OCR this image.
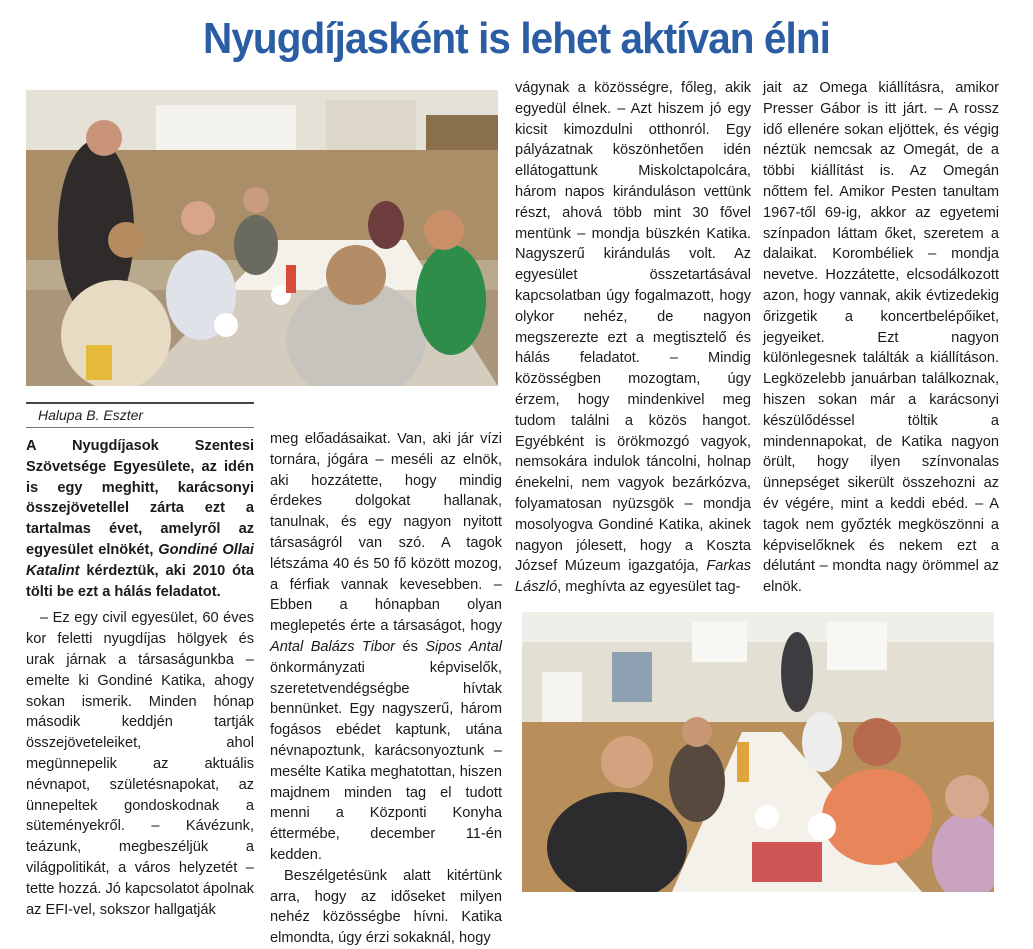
Nyugdíjasként is lehet aktívan élni
Halupa B. Eszter

A Nyugdíjasok Szentesi Szövetsége Egyesülete, az idén is egy meghitt, karácsonyi összejövetellel zárta ezt a tartalmas évet, amelyről az egyesület elnökét, Gondiné Ollai Katalint kérdeztük, aki 2010 óta tölti be ezt a hálás feladatot.

– Ez egy civil egyesület, 60 éves kor feletti nyugdíjas hölgyek és urak járnak a társaságunkba – emelte ki Gondiné Katika, ahogy sokan ismerik. Minden hónap második keddjén tartják összejöveteleiket, ahol megünnepelik az aktuális névnapot, születésnapokat, az ünnepeltek gondoskodnak a süteményekről. – Kávézunk, teázunk, megbeszéljük a világpolitikát, a város helyzetét – tette hozzá. Jó kapcsolatot ápolnak az EFI-vel, sokszor hallgatják

meg előadásaikat. Van, aki jár vízi tornára, jógára – meséli az elnök, aki hozzátette, hogy mindig érdekes dolgokat hallanak, tanulnak, és egy nagyon nyitott társaságról van szó. A tagok létszáma 40 és 50 fő között mozog, a férfiak vannak kevesebben. – Ebben a hónapban olyan meglepetés érte a társaságot, hogy Antal Balázs Tibor és Sipos Antal önkormányzati képviselők, szeretetvendégségbe hívtak bennünket. Egy nagyszerű, három fogásos ebédet kaptunk, utána névnapoztunk, karácsonyoztunk – mesélte Katika meghatottan, hiszen majdnem minden tag el tudott menni a Központi Konyha éttermébe, december 11-én kedden.

Beszélgetésünk alatt kitértünk arra, hogy az időseket milyen nehéz közösségbe hívni. Katika elmondta, úgy érzi sokaknál, hogy

vágynak a közösségre, főleg, akik egyedül élnek. – Azt hiszem jó egy kicsit kimozdulni otthonról. Egy pályázatnak köszönhetően idén ellátogattunk Miskolctapolcára, három napos kiránduláson vettünk részt, ahová több mint 30 fővel mentünk – mondja büszkén Katika. Nagyszerű kirándulás volt. Az egyesület összetartásával kapcsolatban úgy fogalmazott, hogy olykor nehéz, de nagyon megszerezte ezt a megtisztelő és hálás feladatot. – Mindig közösségben mozogtam, úgy érzem, hogy mindenkivel meg tudom találni a közös hangot. Egyébként is örökmozgó vagyok, nemsokára indulok táncolni, holnap énekelni, nem vagyok bezárkózva, folyamatosan nyüzsgök – mondja mosolyogva Gondiné Katika, akinek nagyon jólesett, hogy a Koszta József Múzeum igazgatója, Farkas László, meghívta az egyesület tag-

jait az Omega kiállításra, amikor Presser Gábor is itt járt. – A rossz idő ellenére sokan eljöttek, és végig néztük nemcsak az Omegát, de a többi kiállítást is. Az Omegán nőttem fel. Amikor Pesten tanultam 1967-től 69-ig, akkor az egyetemi színpadon láttam őket, szeretem a dalaikat. Korombéliek – mondja nevetve. Hozzátette, elcsodálkozott azon, hogy vannak, akik évtizedekig őrizgetik a koncertbelépőiket, jegyeiket. Ezt nagyon különlegesnek találták a kiállításon. Legközelebb januárban találkoznak, hiszen sokan már a karácsonyi készülődéssel töltik a mindennapokat, de Katika nagyon örült, hogy ilyen színvonalas ünnepséget sikerült összehozni az év végére, mint a keddi ebéd. – A tagok nem győzték megköszönni a képviselőknek és nekem ezt a délutánt – mondta nagy örömmel az elnök.
